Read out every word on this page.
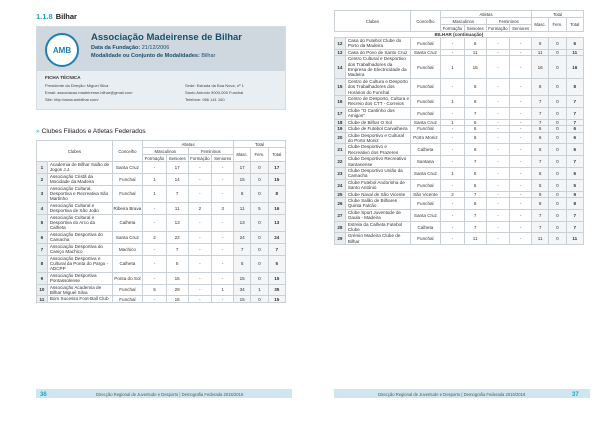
1.1.8 Bilhar
AMB
Associação Madeirense de Bilhar
Data da Fundação: 21/12/2006
Modalidade ou Conjunto de Modalidades: Bilhar
FICHA TÉCNICA
Presidente da Direção: Miguel Silva
Email: associacao.madeirense.bilhar@gmail.com
Site: http://www.ambilhar.com/
Sede: Estrada da Boa Nova, nº 1
Santo Antonio 9000-000 Funchal
Telefone: 966 141 160
» Clubes Filiados e Atletas Federados
Clubes		Concelho	Atletas				Total		
			Masculinos		Femininos		Masc.	Fem.	Total
			Formação	Seniores	Formação	Seniores			
1	Academia de Bilhar Salão de Jogos J.J.	Santa Cruz	-	17	-	-	17	0	17
2	Associação Cristã da Mocidade da Madeira	Funchal	1	14	-	-	15	0	15
3	Associação Cultural, Desportiva e Recreativa São Martinho	Funchal	1	7	-	-	8	0	8
4	Associação Cultural e Desportiva de São João	Ribeira Brava	-	11	2	3	11	5	16
5	Associação Cultural e Desportiva do Arco da Calheta	Calheta	-	13	-	-	13	0	13
6	Associação Desportiva do Camacha	Santa Cruz	2	22	-	-	24	0	24
7	Associação Desportiva do Caniço Machico	Machico	-	7	-	-	7	0	7
8	Associação Desportiva e Cultural da Ponta do Pargo - ADCPP	Calheta	-	5	-	-	5	0	5
9	Associação Desportiva Pontassolense	Ponta do Sol	-	15	-	-	15	0	15
10	Associação Academia de Bilhar Miguel Silva	Funchal	5	29	-	1	34	1	35
11	Bom Sucesso Foot-Ball Club	Funchal	-	15	-	-	15	0	15
36	Direcção Regional de Juventude e Desporto | Demografia Federada 2015/2016
Clubes		Concelho	Atletas				Total		
			Masculinos		Femininos		Masc.	Fem.	Total
			Formação	Seniores	Formação	Seniores			
BILHAR (continuação)									
12	Casa do Futebol Clube do Porto da Madeira	Funchal	-	6	-	-	6	0	6
13	Casa do Povo de Santo Cruz	Santa Cruz	-	11	-	-	11	0	11
14	Centro Cultural e Desportivo dos Trabalhadores da Empresa de Electricidade da Madeira	Funchal	1	15	-	-	16	0	16
15	Centro de Cultura e Desporto dos Trabalhadores dos Horários do Funchal	Funchal	-	8	-	-	8	0	8
16	Centro de Desporto, Cultura e Recreio dos CTT - Correios	Funchal	1	6	-	-	7	0	7
17	Clube "O Cantinho dos Amigos"	Funchal	-	7	-	-	7	0	7
18	Clube de Bilhar O Sol	Santa Cruz	1	6	-	-	7	0	7
19	Clube de Futebol Carvalheira	Funchal	-	6	-	-	6	0	6
20	Clube Desportivo e Cultural do Porto Moniz	Porto Moniz	-	6	-	-	6	0	6
21	Clube Desportivo e Recreativo dos Prazeres	Calheta	-	6	-	-	6	0	6
22	Clube Desportivo Recreativo Santanense	Santana	-	7	-	-	7	0	7
23	Clube Desportivo União da Camacha	Santa Cruz	1	5	-	-	6	0	6
24	Clube Futebol Andorinha de Santo António	Funchal	-	5	-	-	5	0	5
25	Clube Naval de São Vicente	São Vicente	2	7	-	-	9	0	9
26	Clube Salão de Bilhares Quinta Falcão	Funchal	-	8	-	-	8	0	8
27	Clube Sport Juventude de Gaula - Madeira	Santa Cruz	-	7	-	-	7	0	7
28	Estrela da Calheta Futebol Clube	Calheta	-	7	-	-	7	0	7
29	Grémio Madeira Clube de Bilhar	Funchal	-	11	-	-	11	0	11
Direcção Regional de Juventude e Desporto | Demografia Federada 2015/2016	37
